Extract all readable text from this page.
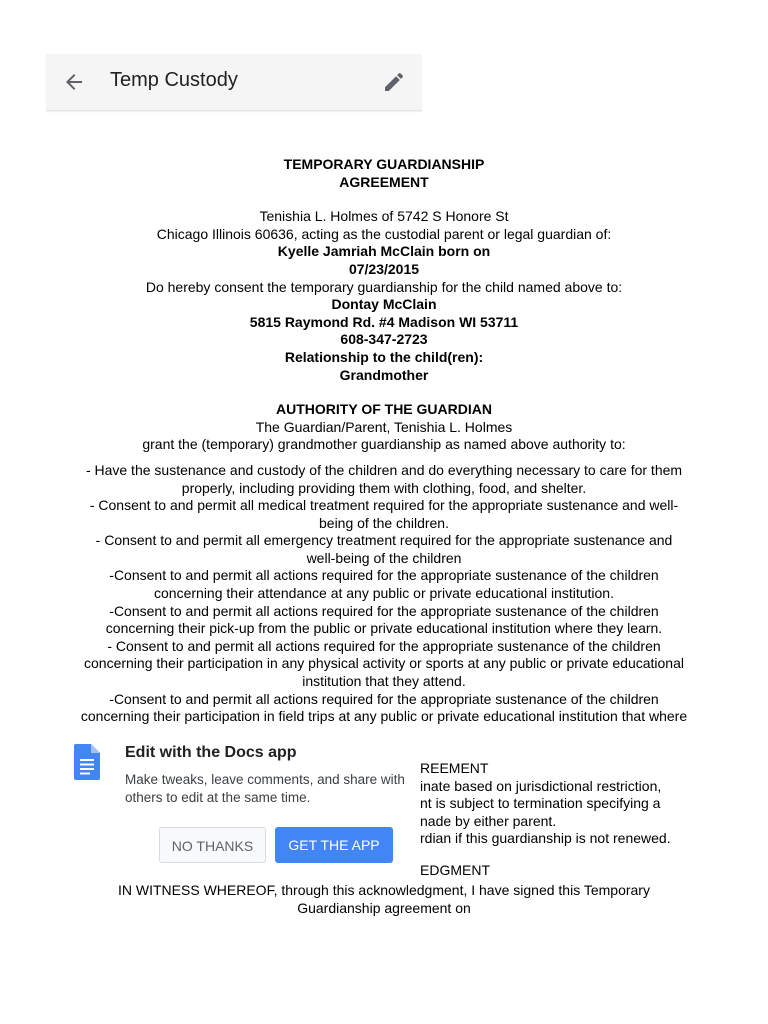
Temp Custody
TEMPORARY GUARDIANSHIP
AGREEMENT
Tenishia L. Holmes of 5742 S Honore St
Chicago Illinois 60636, acting as the custodial parent or legal guardian of:
Kyelle Jamriah McClain born on
07/23/2015
Do hereby consent the temporary guardianship for the child named above to:
Dontay McClain
5815 Raymond Rd. #4 Madison WI 53711
608-347-2723
Relationship to the child(ren):
Grandmother
AUTHORITY OF THE GUARDIAN
The Guardian/Parent, Tenishia L. Holmes
grant the (temporary) grandmother guardianship as named above authority to:
- Have the sustenance and custody of the children and do everything necessary to care for them
properly, including providing them with clothing, food, and shelter.
- Consent to and permit all medical treatment required for the appropriate sustenance and well-
being of the children.
- Consent to and permit all emergency treatment required for the appropriate sustenance and
well-being of the children
-Consent to and permit all actions required for the appropriate sustenance of the children
concerning their attendance at any public or private educational institution.
-Consent to and permit all actions required for the appropriate sustenance of the children
concerning their pick-up from the public or private educational institution where they learn.
- Consent to and permit all actions required for the appropriate sustenance of the children
concerning their participation in any physical activity or sports at any public or private educational
institution that they attend.
-Consent to and permit all actions required for the appropriate sustenance of the children
concerning their participation in field trips at any public or private educational institution that where
REEMENT
inate based on jurisdictional restriction,
nt is subject to termination specifying a
nade by either parent.
rdian if this guardianship is not renewed.
EDGMENT
IN WITNESS WHEREOF, through this acknowledgment, I have signed this Temporary
Guardianship agreement on
Edit with the Docs app
Make tweaks, leave comments, and share with others to edit at the same time.
NO THANKS	GET THE APP
